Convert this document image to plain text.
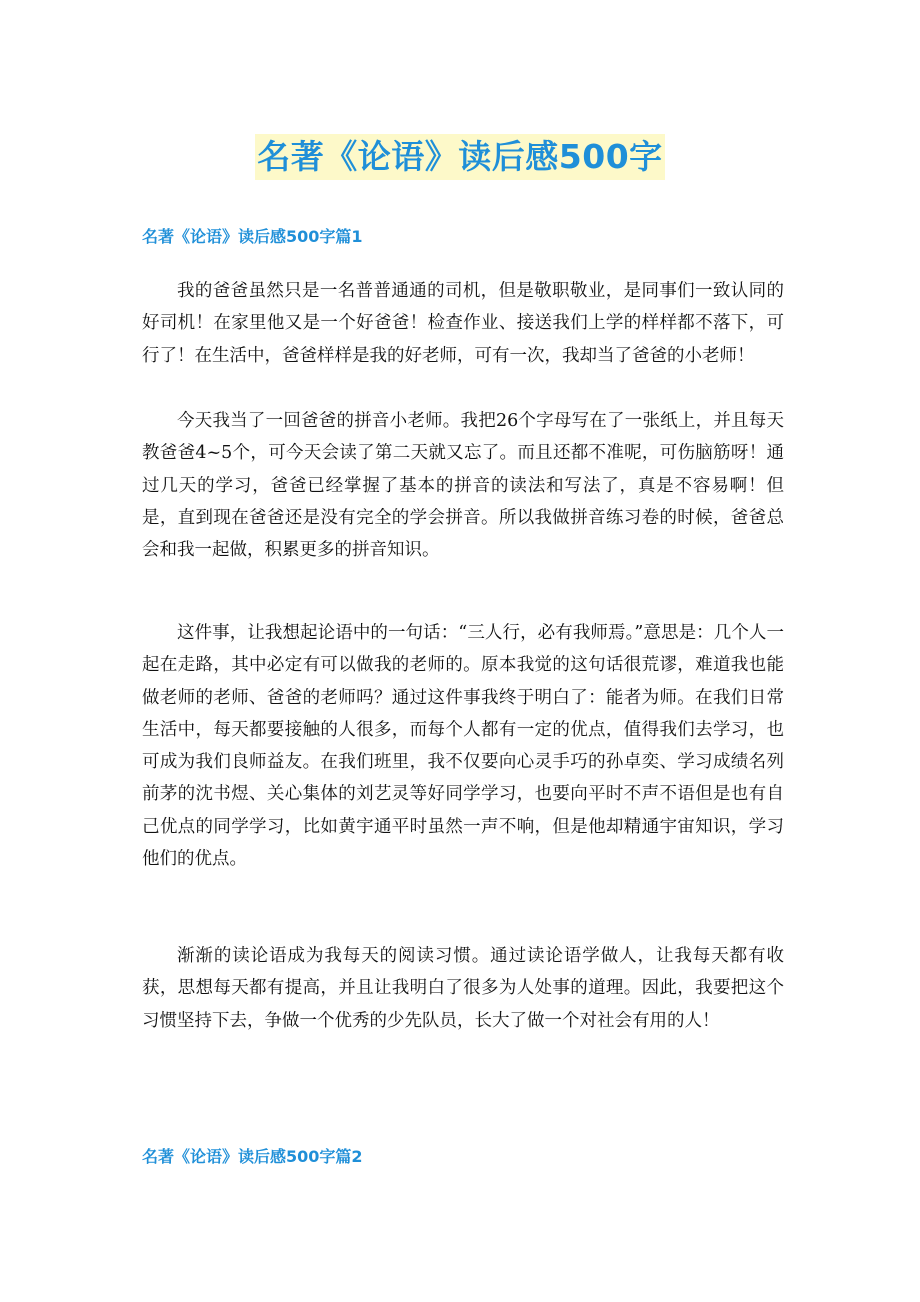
名著《论语》读后感500字
名著《论语》读后感500字篇1

我的爸爸虽然只是一名普普通通的司机，但是敬职敬业，是同事们一致认同的好司机！在家里他又是一个好爸爸！检查作业、接送我们上学的样样都不落下，可行了！在生活中，爸爸样样是我的好老师，可有一次，我却当了爸爸的小老师！

今天我当了一回爸爸的拼音小老师。我把26个字母写在了一张纸上，并且每天教爸爸4~5个，可今天会读了第二天就又忘了。而且还都不准呢，可伤脑筋呀！通过几天的学习，爸爸已经掌握了基本的拼音的读法和写法了，真是不容易啊！但是，直到现在爸爸还是没有完全的学会拼音。所以我做拼音练习卷的时候，爸爸总会和我一起做，积累更多的拼音知识。

这件事，让我想起论语中的一句话：“三人行，必有我师焉。”意思是：几个人一起在走路，其中必定有可以做我的老师的。原本我觉的这句话很荒谬，难道我也能做老师的老师、爸爸的老师吗？通过这件事我终于明白了：能者为师。在我们日常生活中，每天都要接触的人很多，而每个人都有一定的优点，值得我们去学习，也可成为我们良师益友。在我们班里，我不仅要向心灵手巧的孙卓奕、学习成绩名列前茅的沈书煜、关心集体的刘艺灵等好同学学习，也要向平时不声不语但是也有自己优点的同学学习，比如黄宇通平时虽然一声不响，但是他却精通宇宙知识，学习他们的优点。

渐渐的读论语成为我每天的阅读习惯。通过读论语学做人，让我每天都有收获，思想每天都有提高，并且让我明白了很多为人处事的道理。因此，我要把这个习惯坚持下去，争做一个优秀的少先队员，长大了做一个对社会有用的人！

名著《论语》读后感500字篇2
